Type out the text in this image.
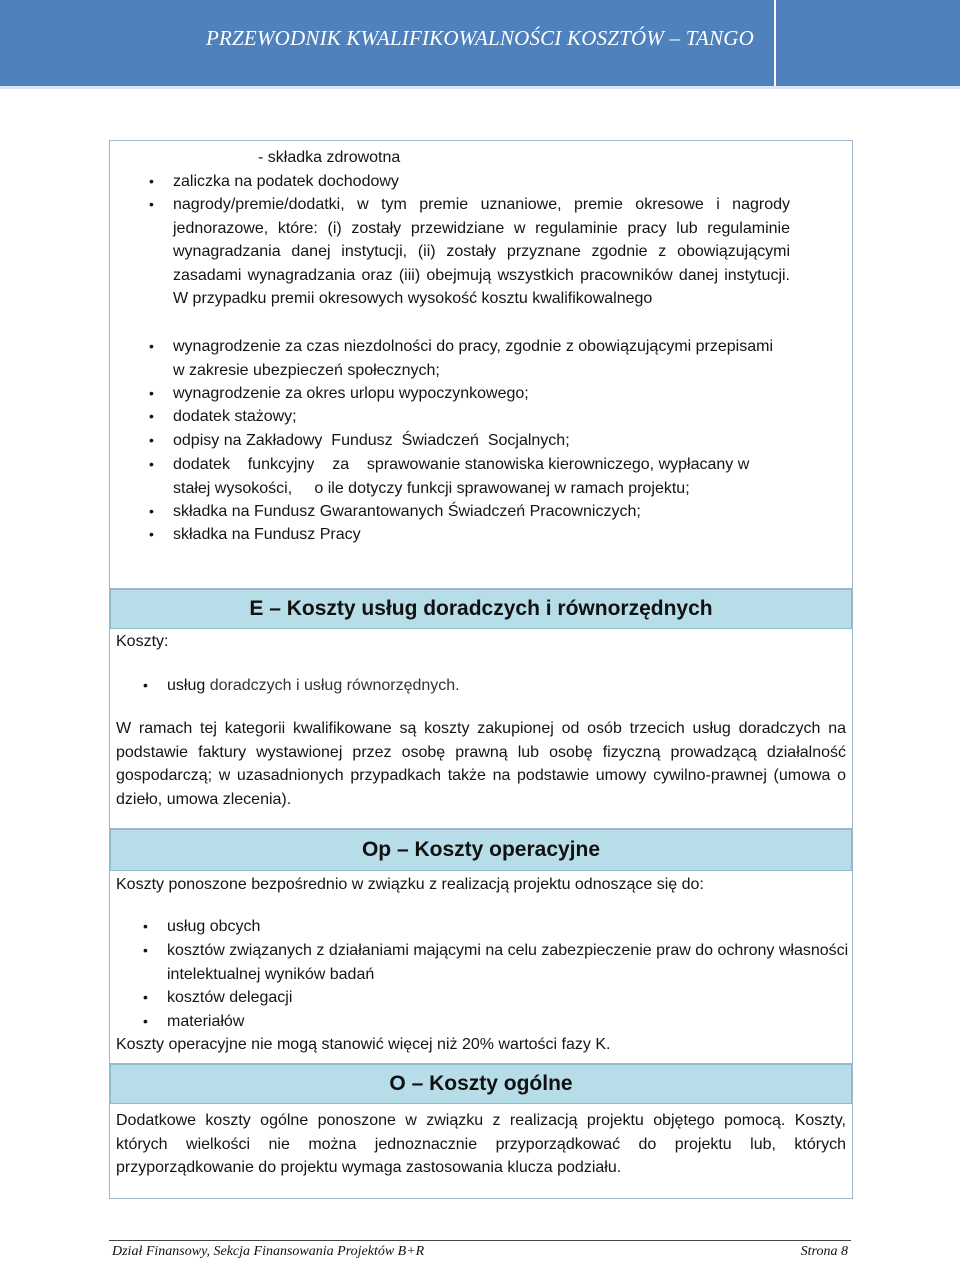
PRZEWODNIK KWALIFIKOWALNOŚCI KOSZTÓW – TANGO
- składka zdrowotna
• zaliczka na podatek dochodowy
• nagrody/premie/dodatki, w tym premie uznaniowe, premie okresowe i nagrody jednorazowe, które: (i) zostały przewidziane w regulaminie pracy lub regulaminie wynagradzania danej instytucji, (ii) zostały przyznane zgodnie z obowiązującymi zasadami wynagradzania oraz (iii) obejmują wszystkich pracowników danej instytucji. W przypadku premii okresowych wysokość kosztu kwalifikowalnego
• wynagrodzenie za czas niezdolności do pracy, zgodnie z obowiązującymi przepisami w zakresie ubezpieczeń społecznych;
• wynagrodzenie za okres urlopu wypoczynkowego;
• dodatek stażowy;
• odpisy na Zakładowy  Fundusz  Świadczeń  Socjalnych;
• dodatek    funkcyjny    za    sprawowanie stanowiska kierowniczego, wypłacany w stałej wysokości,     o ile dotyczy funkcji sprawowanej w ramach projektu;
• składka na Fundusz Gwarantowanych Świadczeń Pracowniczych;
• składka na Fundusz Pracy
E – Koszty usług doradczych i równorzędnych
Koszty:
• usług doradczych i usług równorzędnych.
W ramach tej kategorii kwalifikowane są koszty zakupionej od osób trzecich usług doradczych na podstawie faktury wystawionej przez osobę prawną lub osobę fizyczną prowadzącą działalność gospodarczą; w uzasadnionych przypadkach także na podstawie umowy cywilno-prawnej (umowa o dzieło, umowa zlecenia).
Op – Koszty operacyjne
Koszty ponoszone bezpośrednio w związku z realizacją projektu odnoszące się do:
• usług obcych
• kosztów związanych z działaniami mającymi na celu zabezpieczenie praw do ochrony własności intelektualnej wyników badań
• kosztów delegacji
• materiałów
Koszty operacyjne nie mogą stanowić więcej niż 20% wartości fazy K.
O – Koszty ogólne
Dodatkowe koszty ogólne ponoszone w związku z realizacją projektu objętego pomocą. Koszty, których wielkości nie można jednoznacznie przyporządkować do projektu lub, których przyporządkowanie do projektu wymaga zastosowania klucza podziału.
Dział Finansowy, Sekcja Finansowania Projektów B+R	Strona 8
